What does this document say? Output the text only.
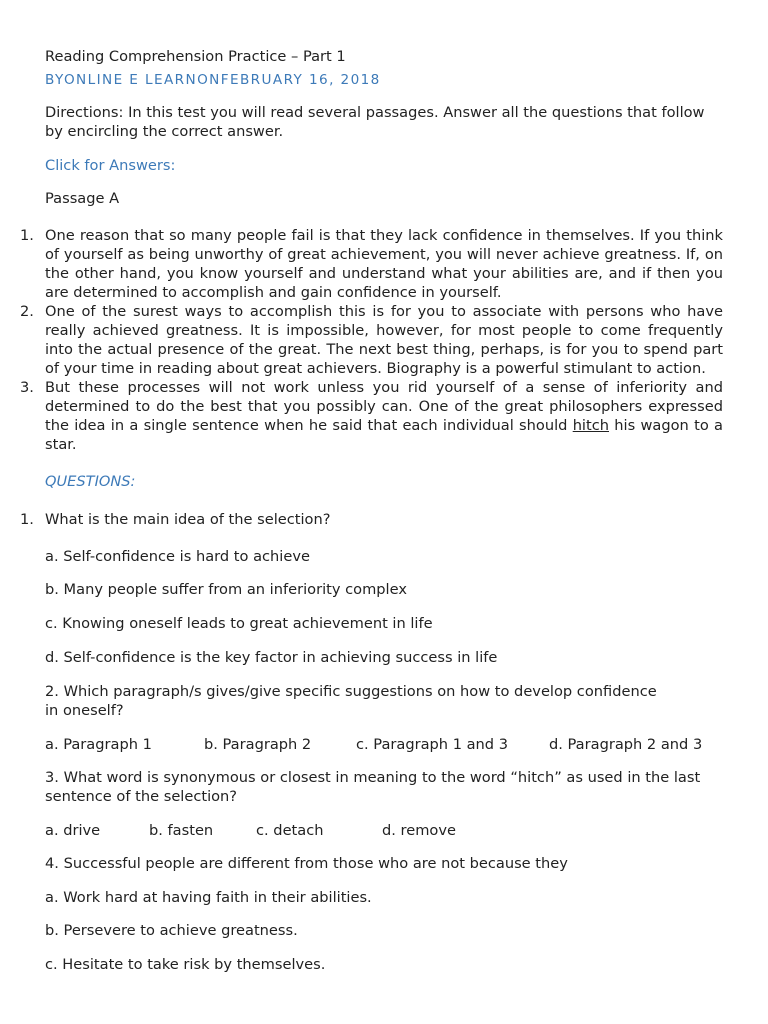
Reading Comprehension Practice – Part 1
BYONLINE E LEARNONFEBRUARY 16, 2018
Directions: In this test you will read several passages. Answer all the questions that follow by encircling the correct answer.
Click for Answers:
Passage A
1. One reason that so many people fail is that they lack confidence in themselves. If you think of yourself as being unworthy of great achievement, you will never achieve greatness. If, on the other hand, you know yourself and understand what your abilities are, and if then you are determined to accomplish and gain confidence in yourself.
2. One of the surest ways to accomplish this is for you to associate with persons who have really achieved greatness. It is impossible, however, for most people to come frequently into the actual presence of the great. The next best thing, perhaps, is for you to spend part of your time in reading about great achievers. Biography is a powerful stimulant to action.
3. But these processes will not work unless you rid yourself of a sense of inferiority and determined to do the best that you possibly can. One of the great philosophers expressed the idea in a single sentence when he said that each individual should hitch his wagon to a star.
QUESTIONS:
1. What is the main idea of the selection?
a. Self-confidence is hard to achieve
b. Many people suffer from an inferiority complex
c. Knowing oneself leads to great achievement in life
d. Self-confidence is the key factor in achieving success in life
2. Which paragraph/s gives/give specific suggestions on how to develop confidence
in oneself?
a. Paragraph 1	b. Paragraph 2	c. Paragraph 1 and 3	d. Paragraph 2 and 3
3. What word is synonymous or closest in meaning to the word “hitch” as used in the last
sentence of the selection?
a. drive	b. fasten	c. detach	d. remove
4. Successful people are different from those who are not because they
a. Work hard at having faith in their abilities.
b. Persevere to achieve greatness.
c. Hesitate to take risk by themselves.
